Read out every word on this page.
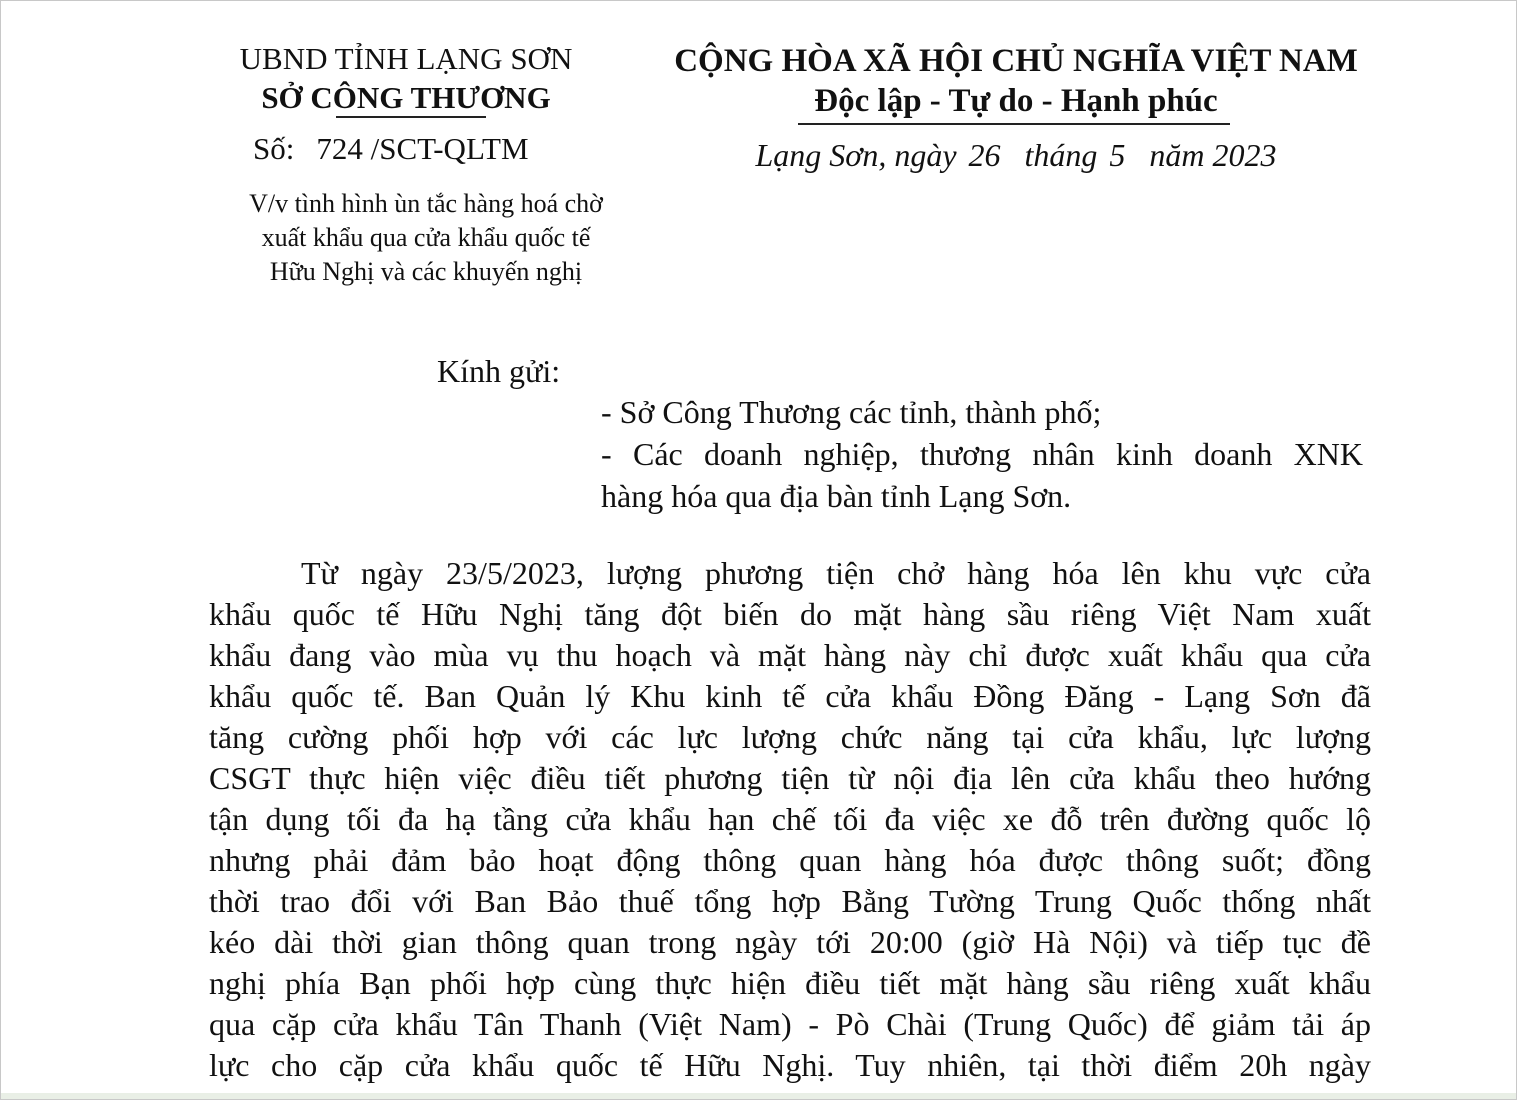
UBND TỈNH LẠNG SƠN
SỞ CÔNG THƯƠNG
Số: 724 /SCT-QLTM
V/v tình hình ùn tắc hàng hoá chờ
xuất khẩu qua cửa khẩu quốc tế
Hữu Nghị và các khuyến nghị
CỘNG HÒA XÃ HỘI CHỦ NGHĨA VIỆT NAM
Độc lập - Tự do - Hạnh phúc
Lạng Sơn, ngày 26 tháng 5 năm 2023
Kính gửi:
- Sở Công Thương các tỉnh, thành phố;
- Các doanh nghiệp, thương nhân kinh doanh XNK
hàng hóa qua địa bàn tỉnh Lạng Sơn.
Từ ngày 23/5/2023, lượng phương tiện chở hàng hóa lên khu vực cửa
khẩu quốc tế Hữu Nghị tăng đột biến do mặt hàng sầu riêng Việt Nam xuất
khẩu đang vào mùa vụ thu hoạch và mặt hàng này chỉ được xuất khẩu qua cửa
khẩu quốc tế. Ban Quản lý Khu kinh tế cửa khẩu Đồng Đăng - Lạng Sơn đã
tăng cường phối hợp với các lực lượng chức năng tại cửa khẩu, lực lượng
CSGT thực hiện việc điều tiết phương tiện từ nội địa lên cửa khẩu theo hướng
tận dụng tối đa hạ tầng cửa khẩu hạn chế tối đa việc xe đỗ trên đường quốc lộ
nhưng phải đảm bảo hoạt động thông quan hàng hóa được thông suốt; đồng
thời trao đổi với Ban Bảo thuế tổng hợp Bằng Tường Trung Quốc thống nhất
kéo dài thời gian thông quan trong ngày tới 20:00 (giờ Hà Nội) và tiếp tục đề
nghị phía Bạn phối hợp cùng thực hiện điều tiết mặt hàng sầu riêng xuất khẩu
qua cặp cửa khẩu Tân Thanh (Việt Nam) - Pò Chài (Trung Quốc) để giảm tải áp
lực cho cặp cửa khẩu quốc tế Hữu Nghị. Tuy nhiên, tại thời điểm 20h ngày
